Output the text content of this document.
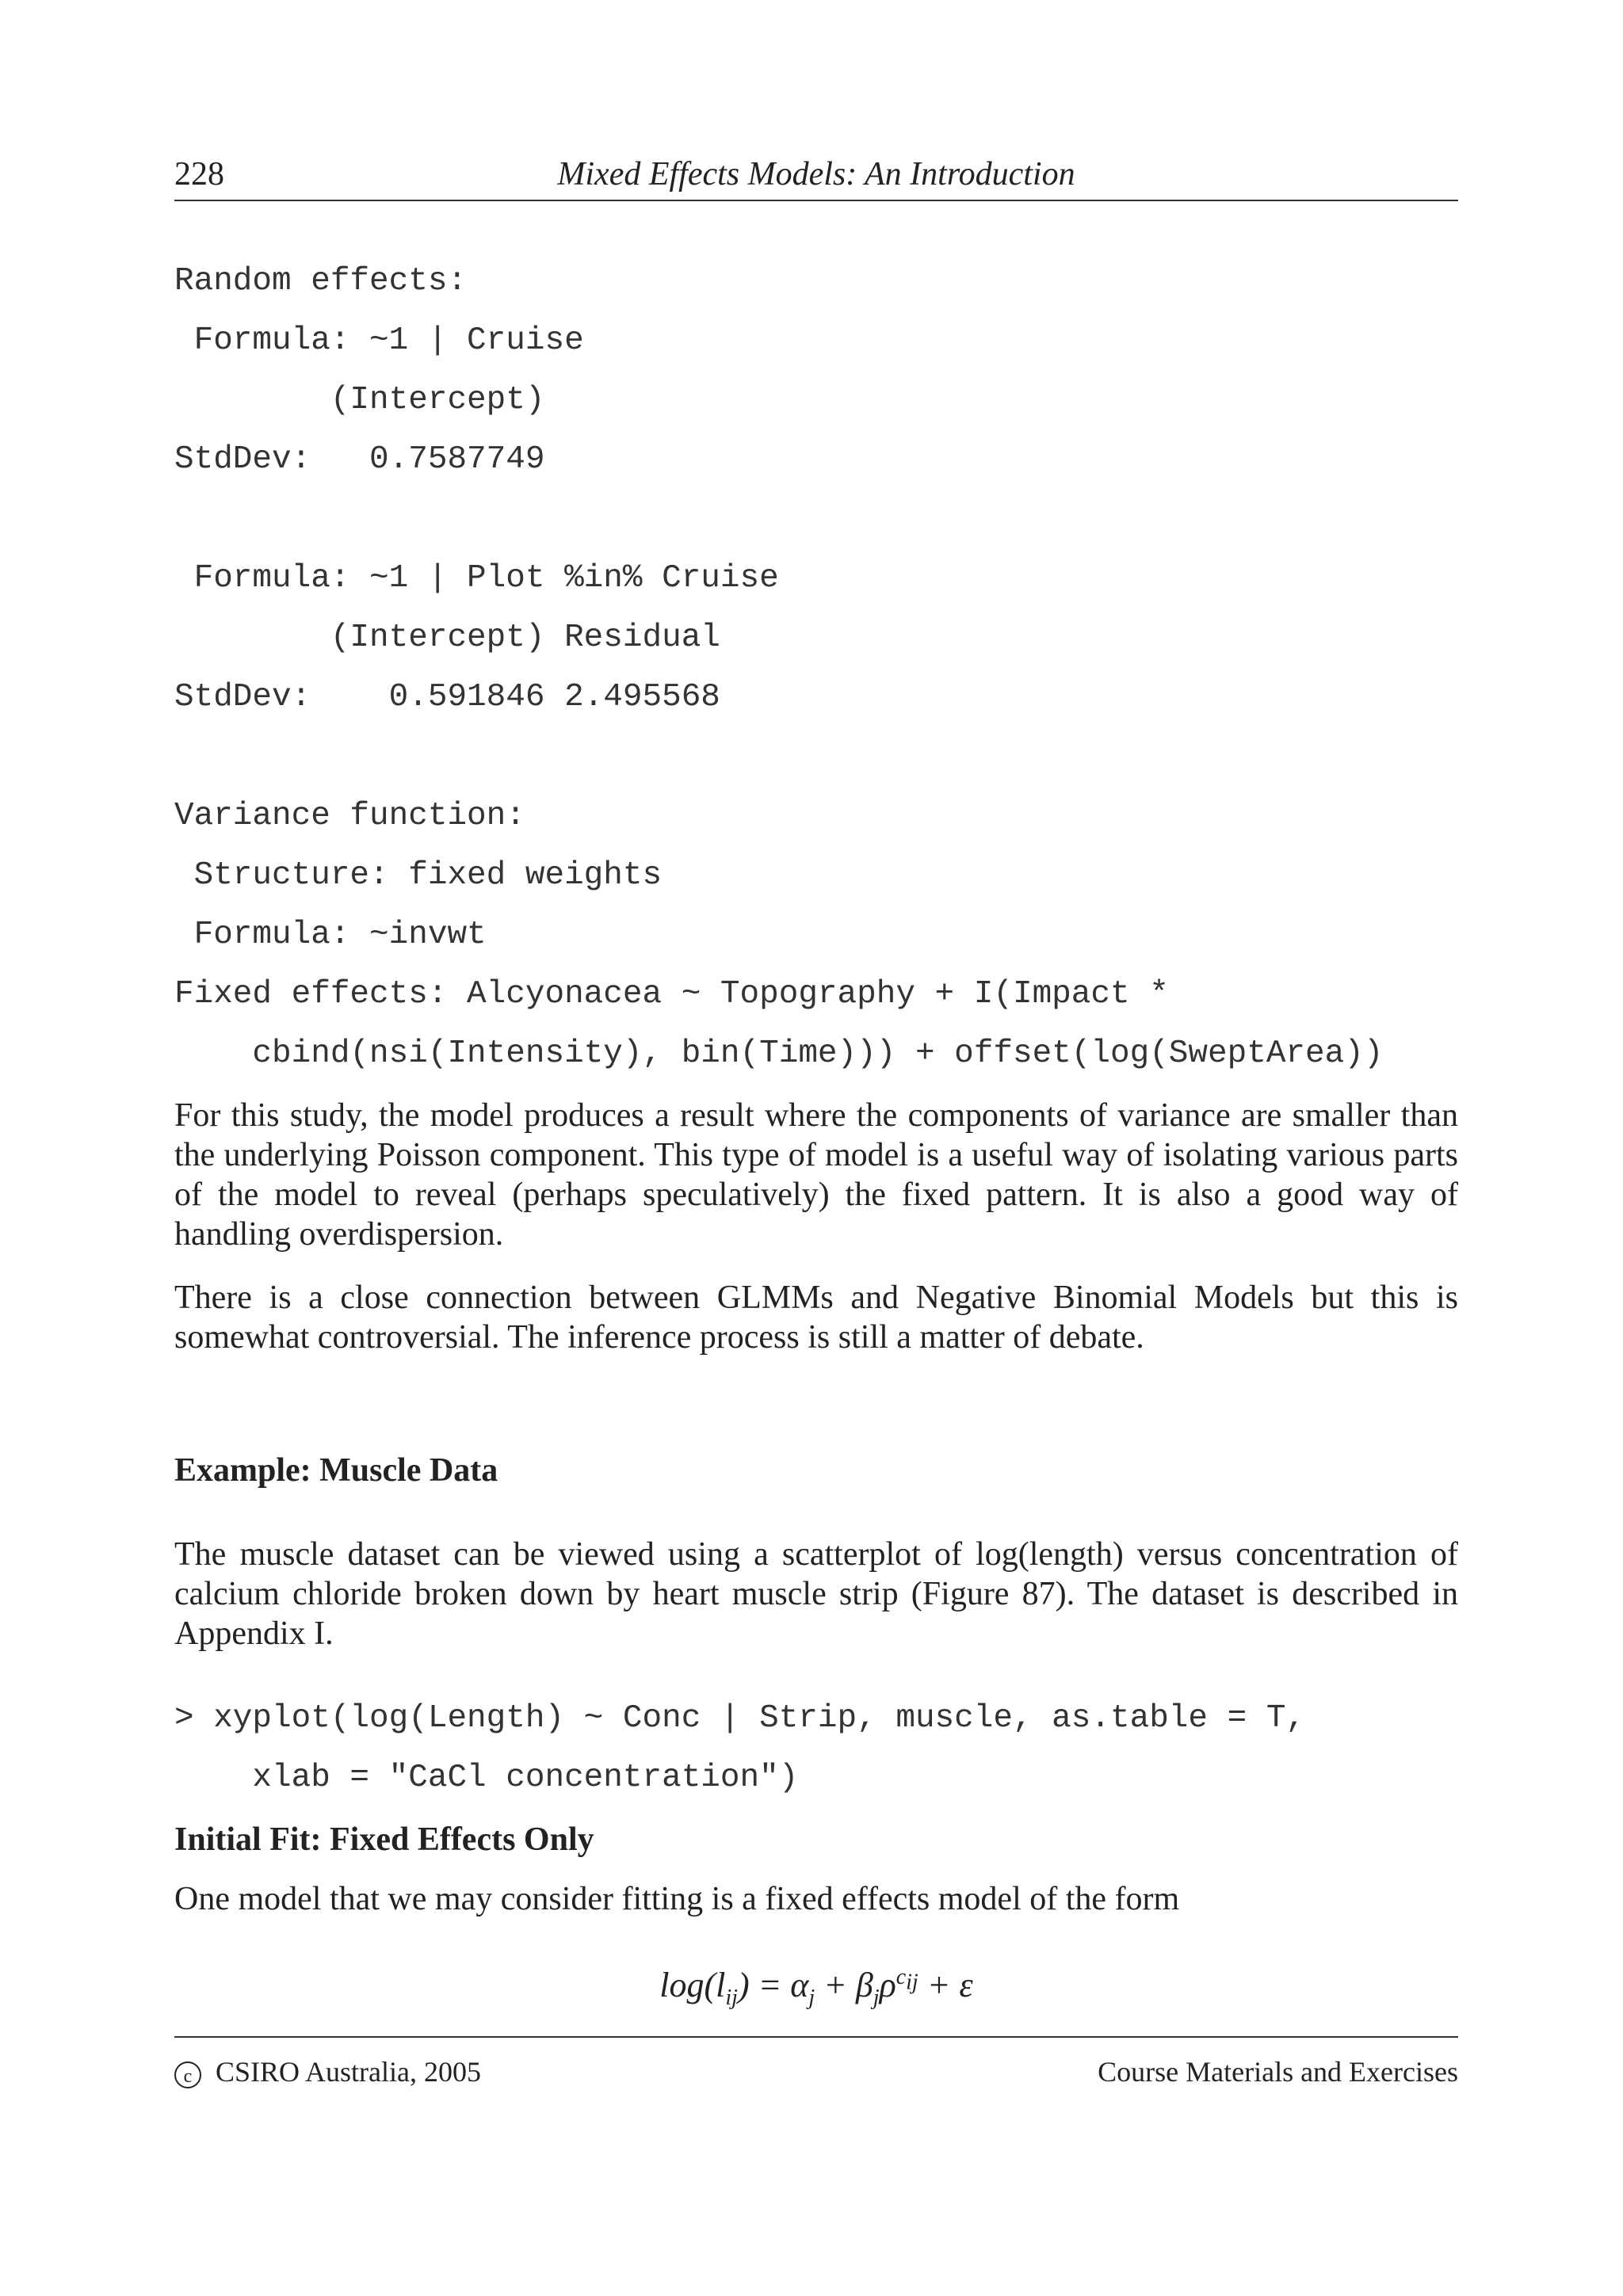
228	Mixed Effects Models: An Introduction
Random effects:
Formula: ~1 | Cruise
(Intercept)
StdDev:   0.7587749
Formula: ~1 | Plot %in% Cruise
(Intercept) Residual
StdDev:    0.591846 2.495568
Variance function:
Structure: fixed weights
Formula: ~invwt
Fixed effects: Alcyonacea ~ Topography + I(Impact *
cbind(nsi(Intensity), bin(Time))) + offset(log(SweptArea))
For this study, the model produces a result where the components of variance are smaller than the underlying Poisson component. This type of model is a useful way of isolating various parts of the model to reveal (perhaps speculatively) the fixed pattern. It is also a good way of handling overdispersion.
There is a close connection between GLMMs and Negative Binomial Models but this is somewhat controversial. The inference process is still a matter of debate.
Example: Muscle Data
The muscle dataset can be viewed using a scatterplot of log(length) versus concentration of calcium chloride broken down by heart muscle strip (Figure 87). The dataset is described in Appendix I.
> xyplot(log(Length) ~ Conc | Strip, muscle, as.table = T,
xlab = "CaCl concentration")
Initial Fit: Fixed Effects Only
One model that we may consider fitting is a fixed effects model of the form
$\log(l_{ij}) = \alpha_j + \beta_j\rho^{c_{ij}} + \varepsilon$
c CSIRO Australia, 2005	Course Materials and Exercises
